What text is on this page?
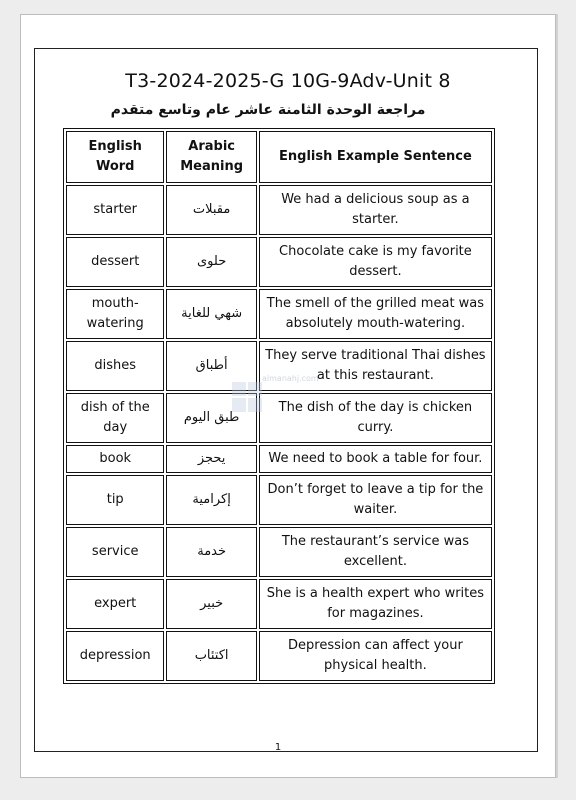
T3-2024-2025-G 10G-9Adv-Unit 8
مراجعة الوحدة الثامنة عاشر عام وتاسع متقدم
English Word	Arabic Meaning	English Example Sentence
starter	مقبلات	We had a delicious soup as a starter.
dessert	حلوى	Chocolate cake is my favorite dessert.
mouth-watering	شهي للغاية	The smell of the grilled meat was absolutely mouth-watering.
dishes	أطباق	They serve traditional Thai dishes at this restaurant.
dish of the day	طبق اليوم	The dish of the day is chicken curry.
book	يحجز	We need to book a table for four.
tip	إكرامية	Don’t forget to leave a tip for the waiter.
service	خدمة	The restaurant’s service was excellent.
expert	خبير	She is a health expert who writes for magazines.
depression	اكتئاب	Depression can affect your physical health.
almanahj.com
1
